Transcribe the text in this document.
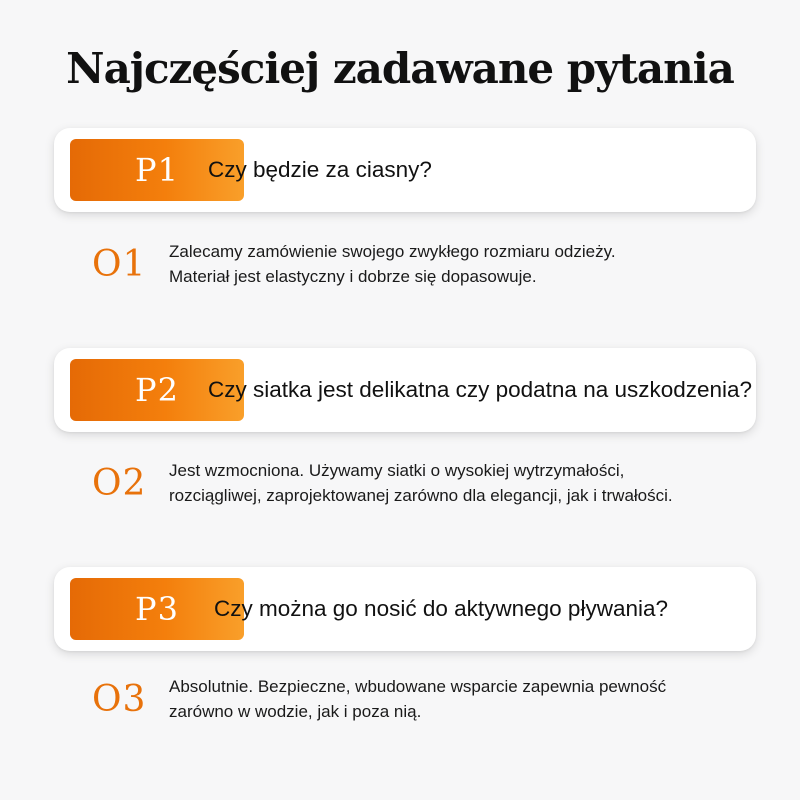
Najczęściej zadawane pytania
P1 Czy będzie za ciasny?
O1 Zalecamy zamówienie swojego zwykłego rozmiaru odzieży.
Materiał jest elastyczny i dobrze się dopasowuje.
P2 Czy siatka jest delikatna czy podatna na uszkodzenia?
O2 Jest wzmocniona. Używamy siatki o wysokiej wytrzymałości,
rozciągliwej, zaprojektowanej zarówno dla elegancji, jak i trwałości.
P3 Czy można go nosić do aktywnego pływania?
O3 Absolutnie. Bezpieczne, wbudowane wsparcie zapewnia pewność
zarówno w wodzie, jak i poza nią.
